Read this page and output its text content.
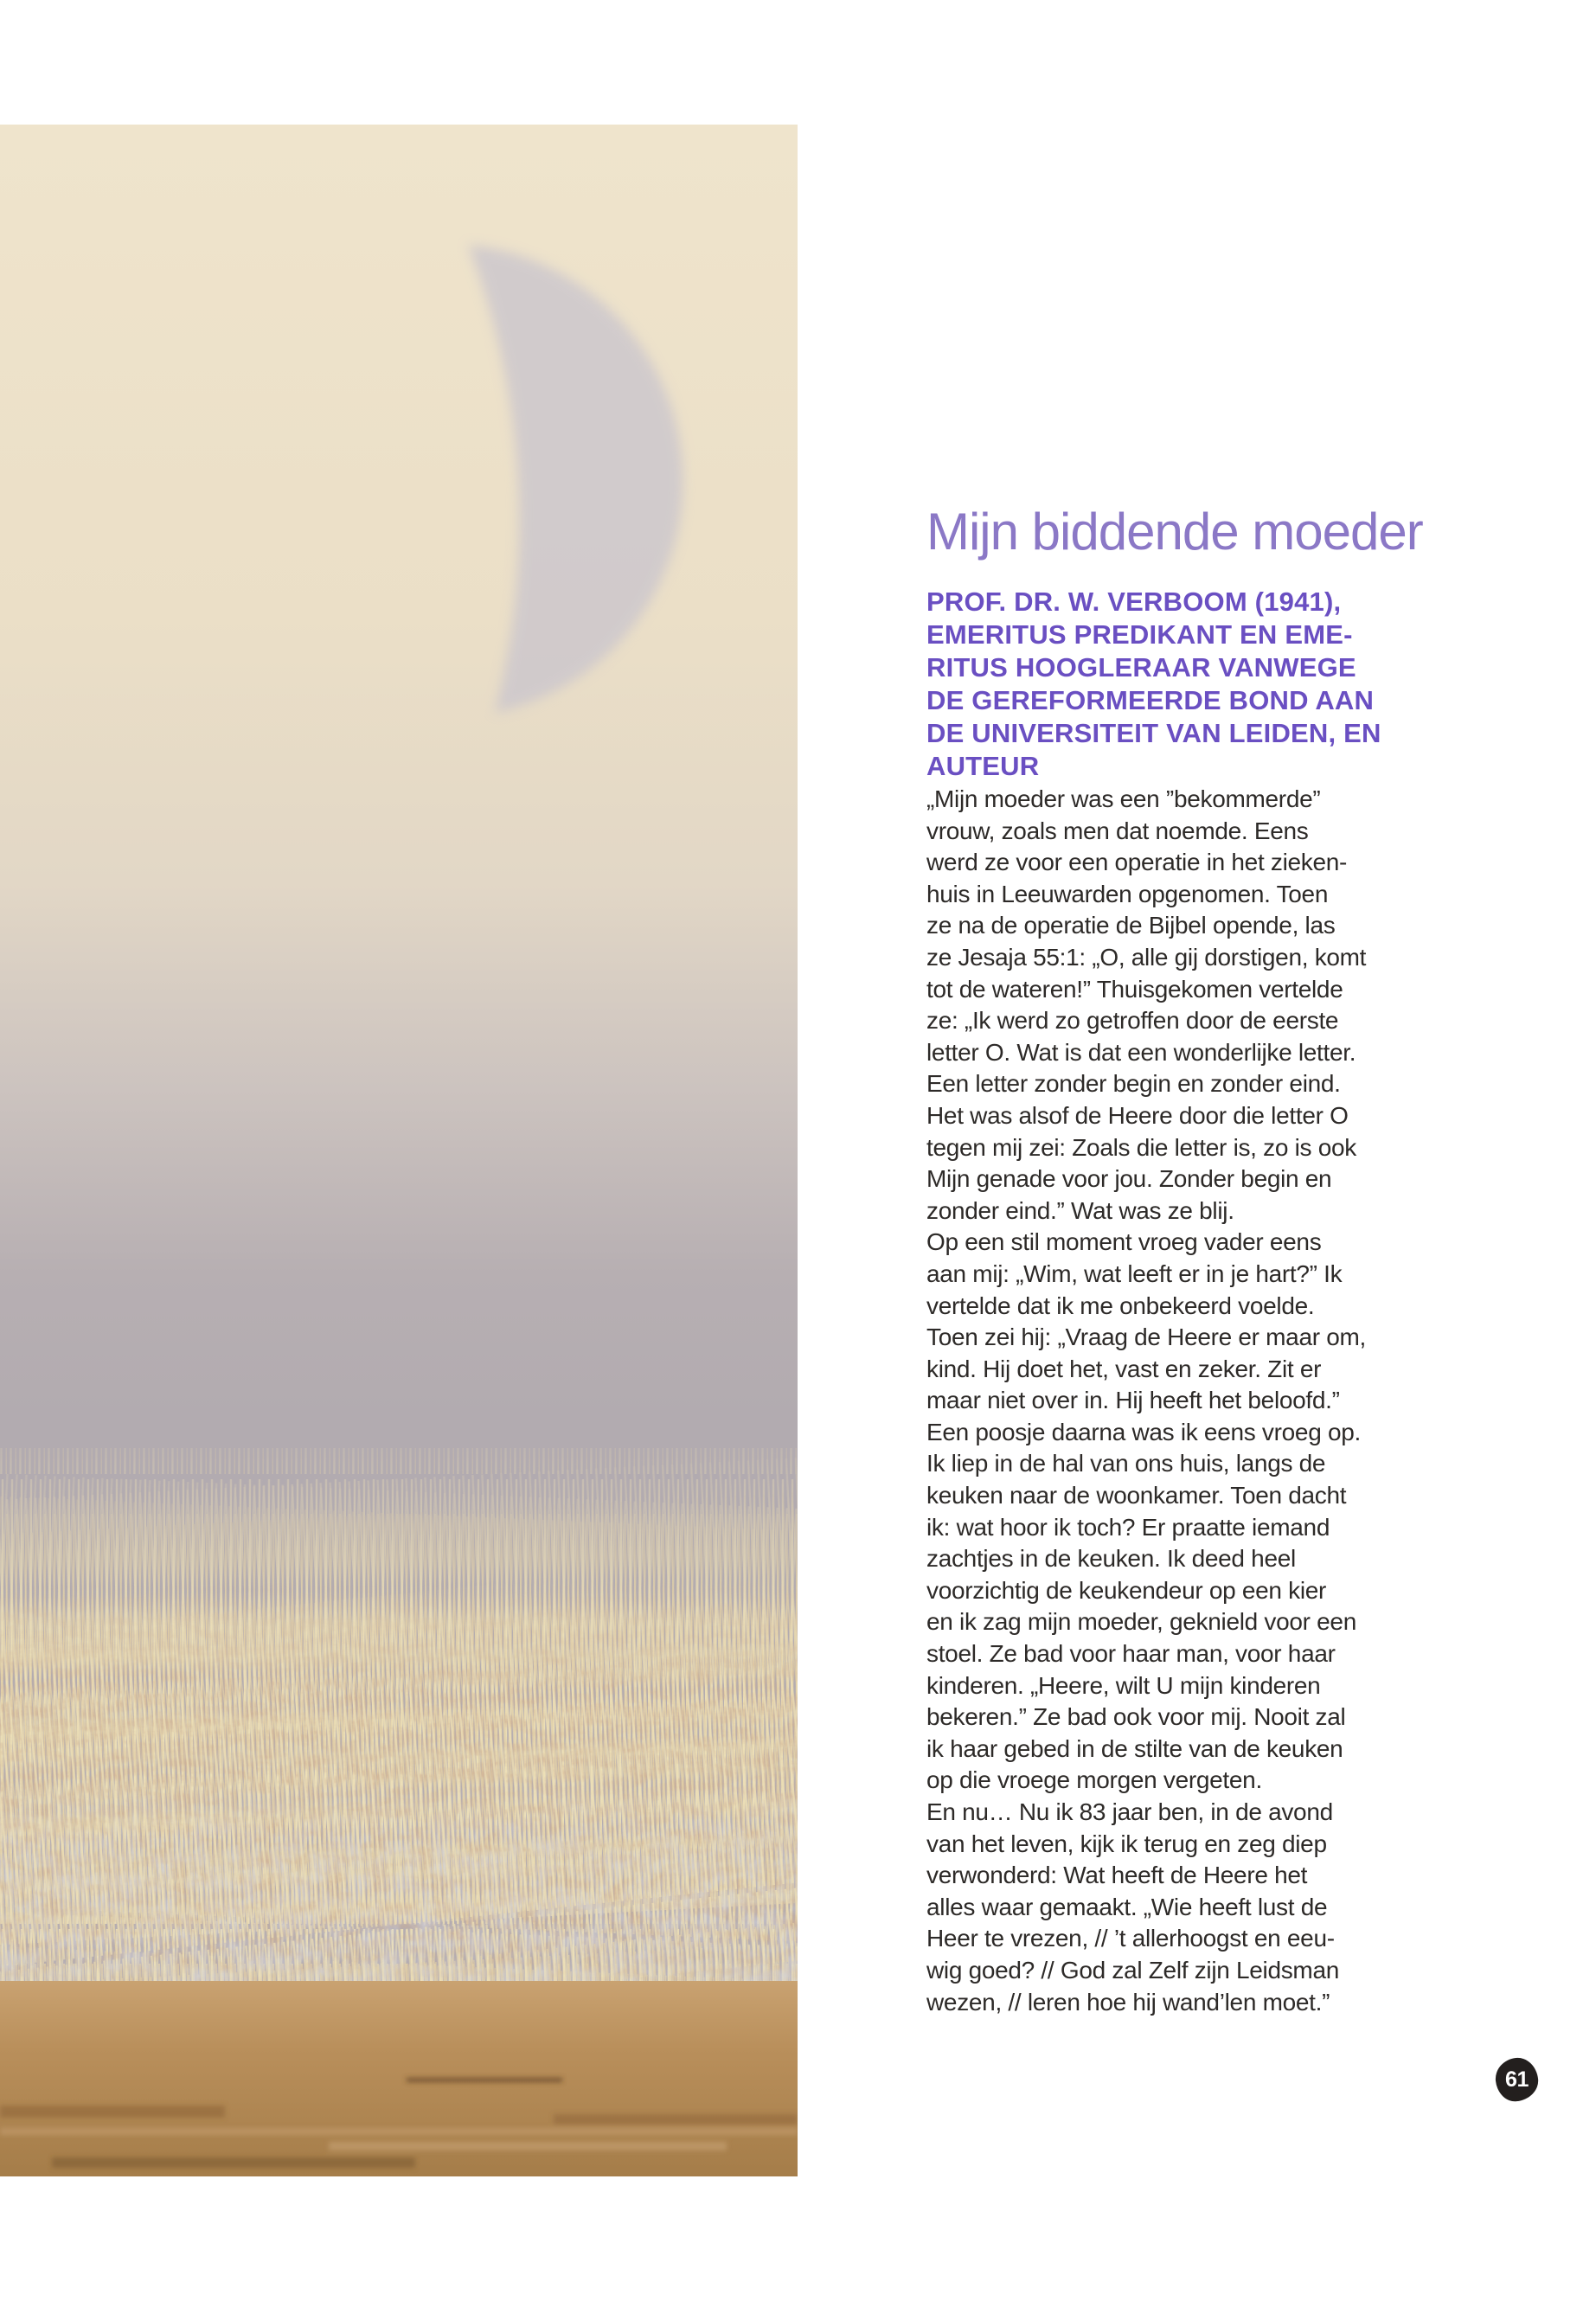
Mijn biddende moeder
PROF. DR. W. VERBOOM (1941),
EMERITUS PREDIKANT EN EME-
RITUS HOOGLERAAR VANWEGE
DE GEREFORMEERDE BOND AAN
DE UNIVERSITEIT VAN LEIDEN, EN
AUTEUR
„Mijn moeder was een ”bekommerde”
vrouw, zoals men dat noemde. Eens
werd ze voor een operatie in het zieken-
huis in Leeuwarden opgenomen. Toen
ze na de operatie de Bijbel opende, las
ze Jesaja 55:1: „O, alle gij dorstigen, komt
tot de wateren!” Thuisgekomen vertelde
ze: „Ik werd zo getroffen door de eerste
letter O. Wat is dat een wonderlijke letter.
Een letter zonder begin en zonder eind.
Het was alsof de Heere door die letter O
tegen mij zei: Zoals die letter is, zo is ook
Mijn genade voor jou. Zonder begin en
zonder eind.” Wat was ze blij.
Op een stil moment vroeg vader eens
aan mij: „Wim, wat leeft er in je hart?” Ik
vertelde dat ik me onbekeerd voelde.
Toen zei hij: „Vraag de Heere er maar om,
kind. Hij doet het, vast en zeker. Zit er
maar niet over in. Hij heeft het beloofd.”
Een poosje daarna was ik eens vroeg op.
Ik liep in de hal van ons huis, langs de
keuken naar de woonkamer. Toen dacht
ik: wat hoor ik toch? Er praatte iemand
zachtjes in de keuken. Ik deed heel
voorzichtig de keukendeur op een kier
en ik zag mijn moeder, geknield voor een
stoel. Ze bad voor haar man, voor haar
kinderen. „Heere, wilt U mijn kinderen
bekeren.” Ze bad ook voor mij. Nooit zal
ik haar gebed in de stilte van de keuken
op die vroege morgen vergeten.
En nu… Nu ik 83 jaar ben, in de avond
van het leven, kijk ik terug en zeg diep
verwonderd: Wat heeft de Heere het
alles waar gemaakt. „Wie heeft lust de
Heer te vrezen, // ’t allerhoogst en eeu-
wig goed? // God zal Zelf zijn Leidsman
wezen, // leren hoe hij wand’len moet.”
61
